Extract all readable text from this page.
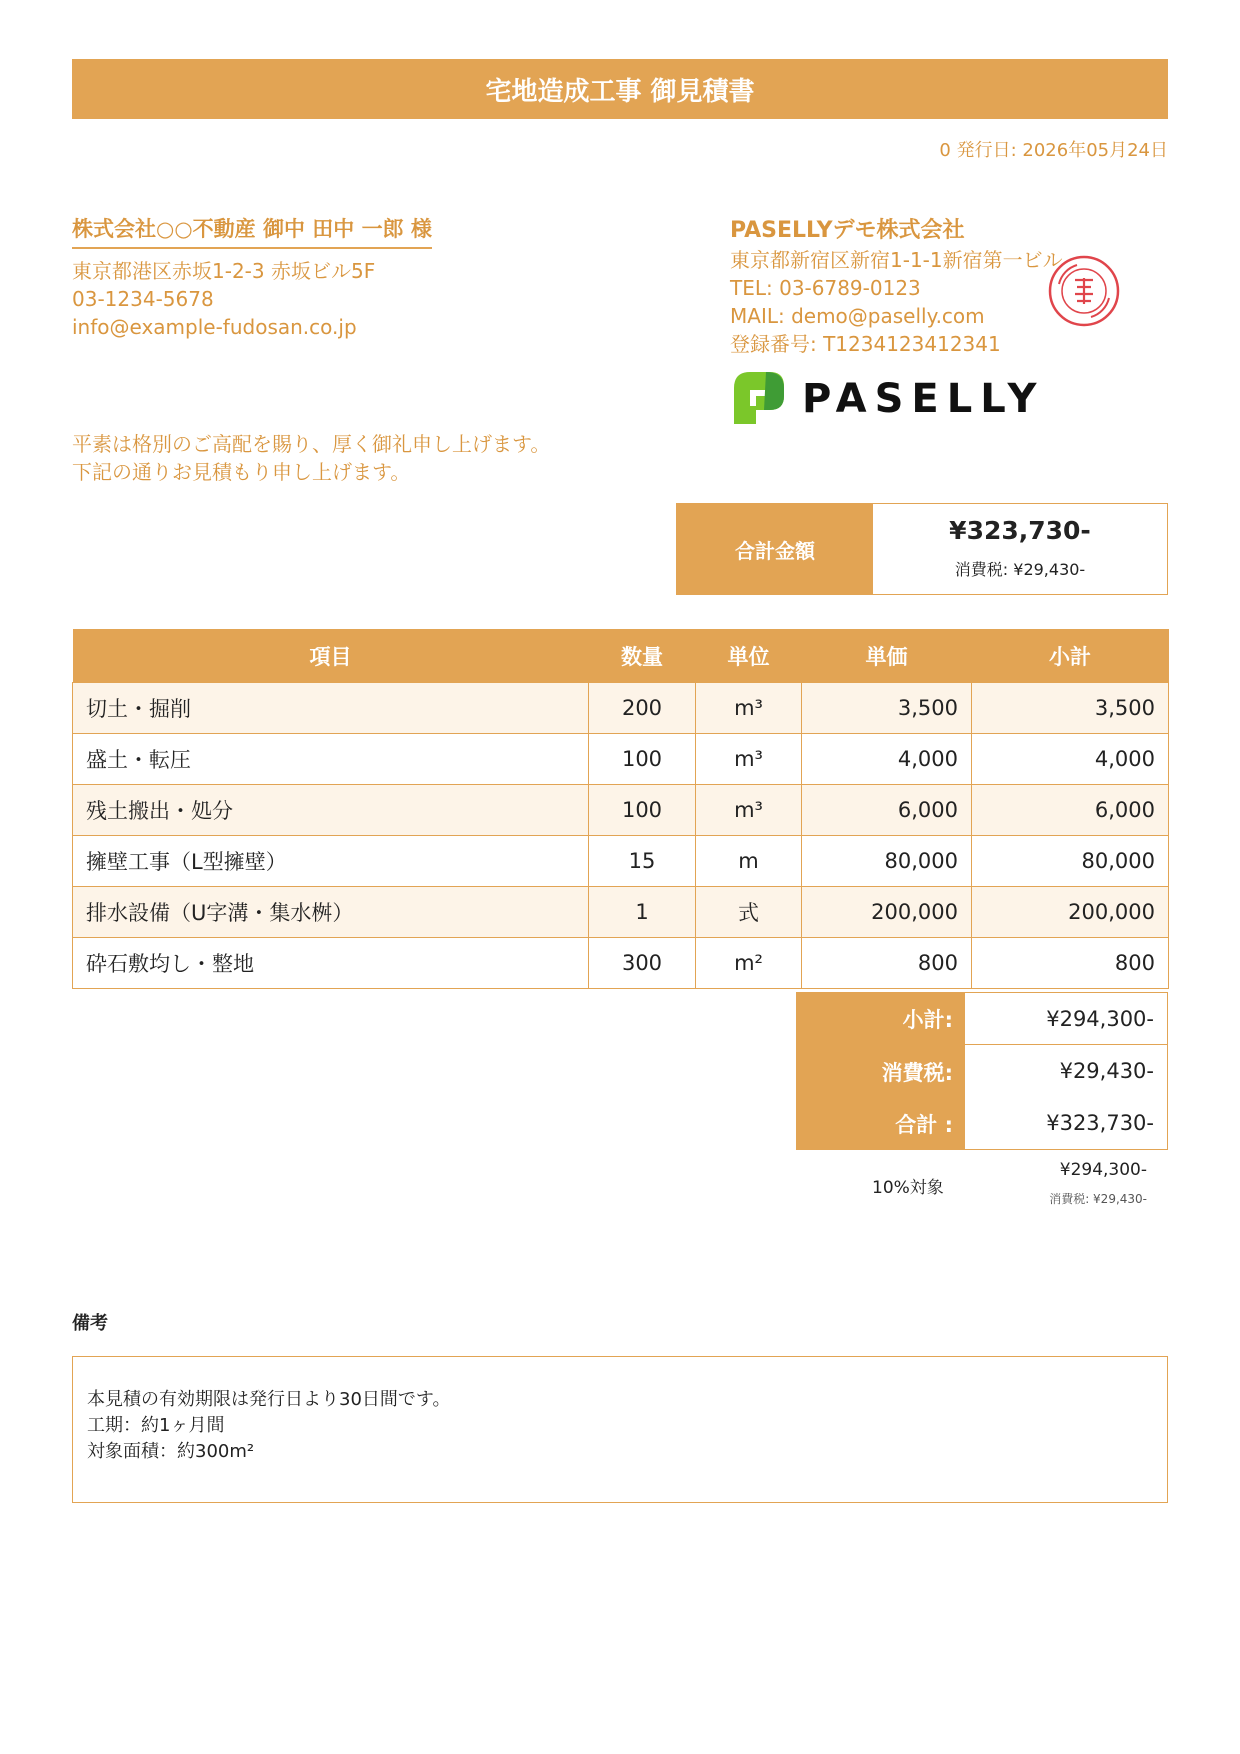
宅地造成工事 御見積書
0 発行日: 2026年05月24日
株式会社○○不動産 御中 田中 一郎 様
東京都港区赤坂1-2-3 赤坂ビル5F
03-1234-5678
info@example-fudosan.co.jp
平素は格別のご高配を賜り、厚く御礼申し上げます。
下記の通りお見積もり申し上げます。
PASELLYデモ株式会社
東京都新宿区新宿1-1-1新宿第一ビル
TEL: 03-6789-0123
MAIL: demo@paselly.com
登録番号: T1234123412341
PASELLY
合計金額
¥323,730-
消費税: ¥29,430-
項目	数量	単位	単価	小計
切土・掘削	200	m³	3,500	3,500
盛土・転圧	100	m³	4,000	4,000
残土搬出・処分	100	m³	6,000	6,000
擁壁工事（L型擁壁）	15	m	80,000	80,000
排水設備（U字溝・集水桝）	1	式	200,000	200,000
砕石敷均し・整地	300	m²	800	800
小計:	¥294,300-
消費税:	¥29,430-
合計 :	¥323,730-
10%対象
¥294,300-
消費税: ¥29,430-
備考
本見積の有効期限は発行日より30日間です。
工期：約1ヶ月間
対象面積：約300m²
